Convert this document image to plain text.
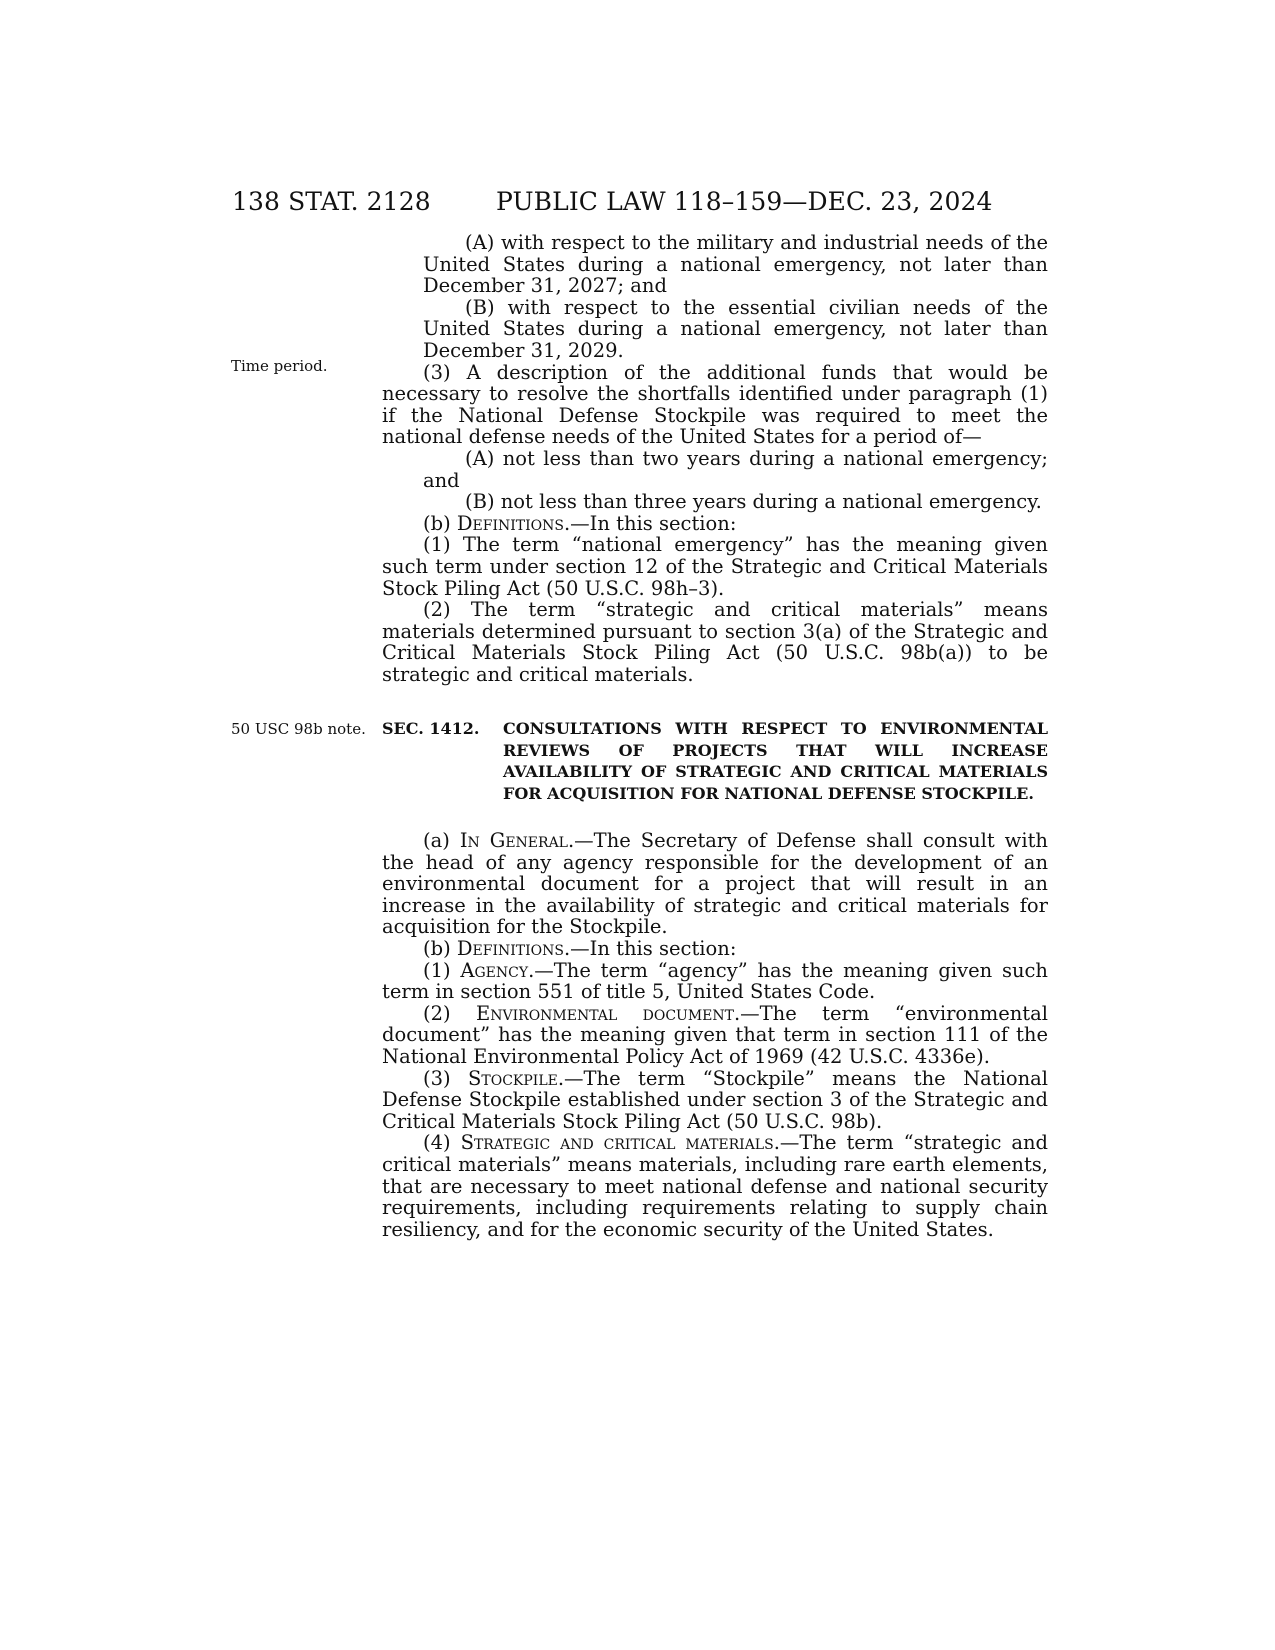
138 STAT. 2128	PUBLIC LAW 118–159—DEC. 23, 2024
Time period.

(A) with respect to the military and industrial needs of the United States during a national emergency, not later than December 31, 2027; and

(B) with respect to the essential civilian needs of the United States during a national emergency, not later than December 31, 2029.

(3) A description of the additional funds that would be necessary to resolve the shortfalls identified under paragraph (1) if the National Defense Stockpile was required to meet the national defense needs of the United States for a period of—

(A) not less than two years during a national emergency; and

(B) not less than three years during a national emergency.

(b) Definitions.—In this section:

(1) The term “national emergency” has the meaning given such term under section 12 of the Strategic and Critical Materials Stock Piling Act (50 U.S.C. 98h–3).

(2) The term “strategic and critical materials” means materials determined pursuant to section 3(a) of the Strategic and Critical Materials Stock Piling Act (50 U.S.C. 98b(a)) to be strategic and critical materials.

50 USC 98b note. SEC. 1412. CONSULTATIONS WITH RESPECT TO ENVIRONMENTAL REVIEWS OF PROJECTS THAT WILL INCREASE AVAILABILITY OF STRATEGIC AND CRITICAL MATERIALS FOR ACQUISITION FOR NATIONAL DEFENSE STOCKPILE.

(a) In General.—The Secretary of Defense shall consult with the head of any agency responsible for the development of an environmental document for a project that will result in an increase in the availability of strategic and critical materials for acquisition for the Stockpile.

(b) Definitions.—In this section:

(1) Agency.—The term “agency” has the meaning given such term in section 551 of title 5, United States Code.

(2) Environmental document.—The term “environmental document” has the meaning given that term in section 111 of the National Environmental Policy Act of 1969 (42 U.S.C. 4336e).

(3) Stockpile.—The term “Stockpile” means the National Defense Stockpile established under section 3 of the Strategic and Critical Materials Stock Piling Act (50 U.S.C. 98b).

(4) Strategic and critical materials.—The term “strategic and critical materials” means materials, including rare earth elements, that are necessary to meet national defense and national security requirements, including requirements relating to supply chain resiliency, and for the economic security of the United States.
